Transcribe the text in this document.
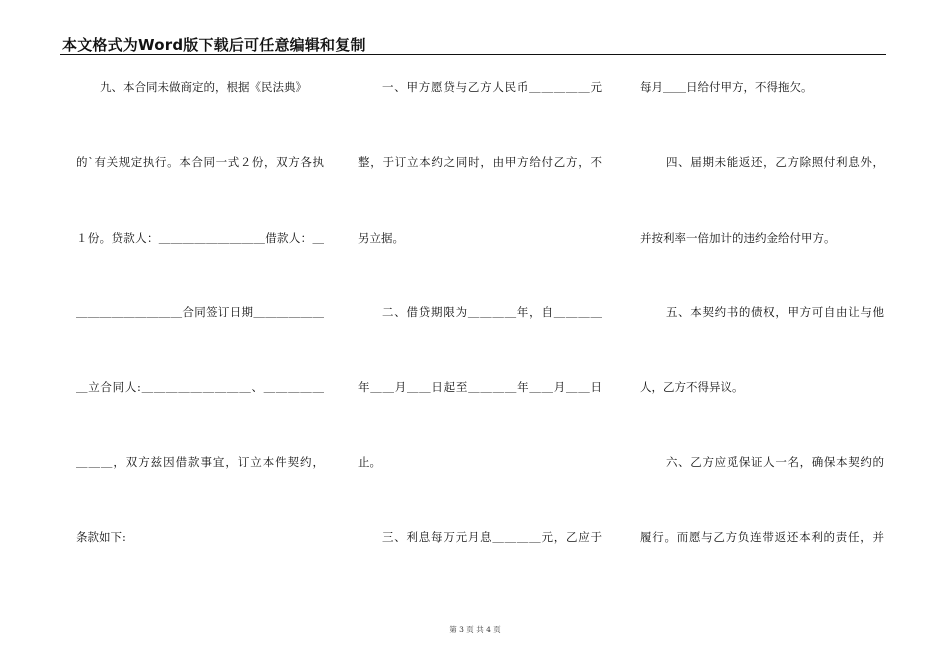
本文格式为Word版下载后可任意编辑和复制
九、本合同未做商定的，根据《民法典》
的`有关规定执行。本合同一式２份，双方各执
１份。贷款人：＿＿＿＿＿＿＿＿＿借款人：＿
＿＿＿＿＿＿＿＿＿合同签订日期＿＿＿＿＿＿
＿立合同人:＿＿＿＿＿＿＿＿＿、＿＿＿＿＿
＿＿＿，双方兹因借款事宜，订立本件契约，
条款如下:
一、甲方愿贷与乙方人民币＿＿＿＿＿元
整，于订立本约之同时，由甲方给付乙方，不
另立据。
二、借贷期限为＿＿＿＿年，自＿＿＿＿
年＿＿月＿＿日起至＿＿＿＿年＿＿月＿＿日
止。
三、利息每万元月息＿＿＿＿元，乙应于
每月＿＿日给付甲方，不得拖欠。
四、届期未能返还，乙方除照付利息外，
并按利率一倍加计的违约金给付甲方。
五、本契约书的债权，甲方可自由让与他
人，乙方不得异议。
六、乙方应觅保证人一名，确保本契约的
履行。而愿与乙方负连带返还本利的责任，并
第 3 页 共 4 页
